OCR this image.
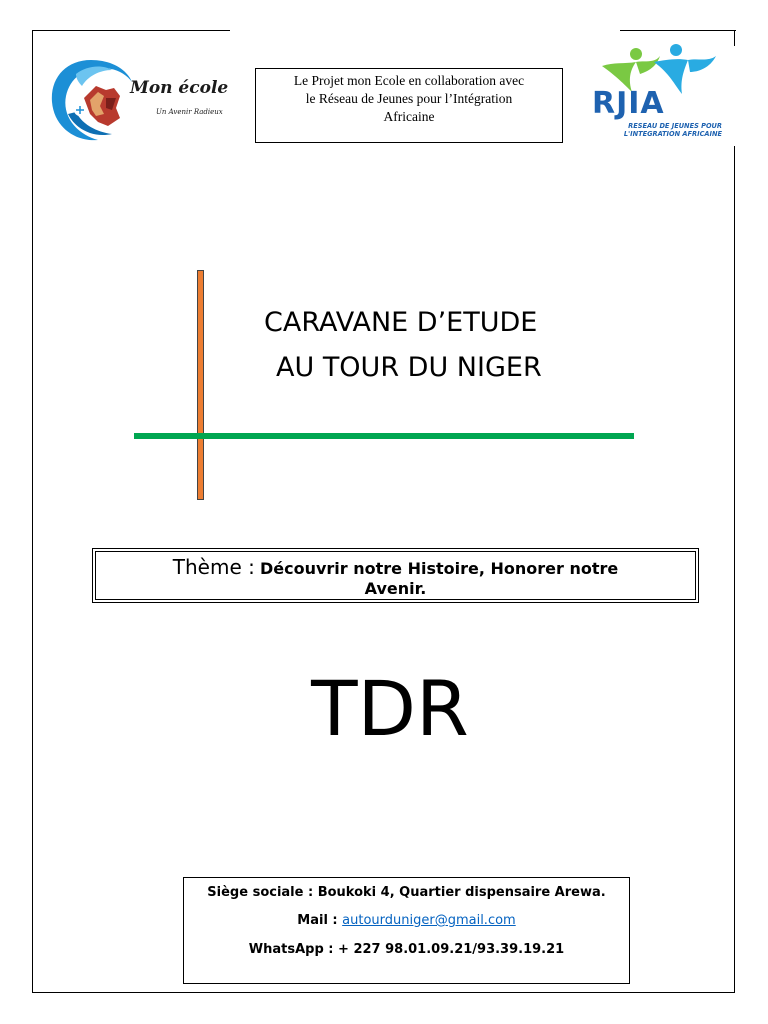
Mon école
Un Avenir Radieux
Le Projet mon Ecole en collaboration avec
le Réseau de Jeunes pour l’Intégration
Africaine	RJIA
RESEAU DE JEUNES POUR L'INTEGRATION AFRICAINE
CARAVANE D’ETUDE
AU TOUR DU NIGER
Thème : Découvrir notre Histoire, Honorer notre
Avenir.
TDR
Siège sociale : Boukoki 4, Quartier dispensaire Arewa.
Mail : autourduniger@gmail.com
WhatsApp : + 227 98.01.09.21/93.39.19.21
